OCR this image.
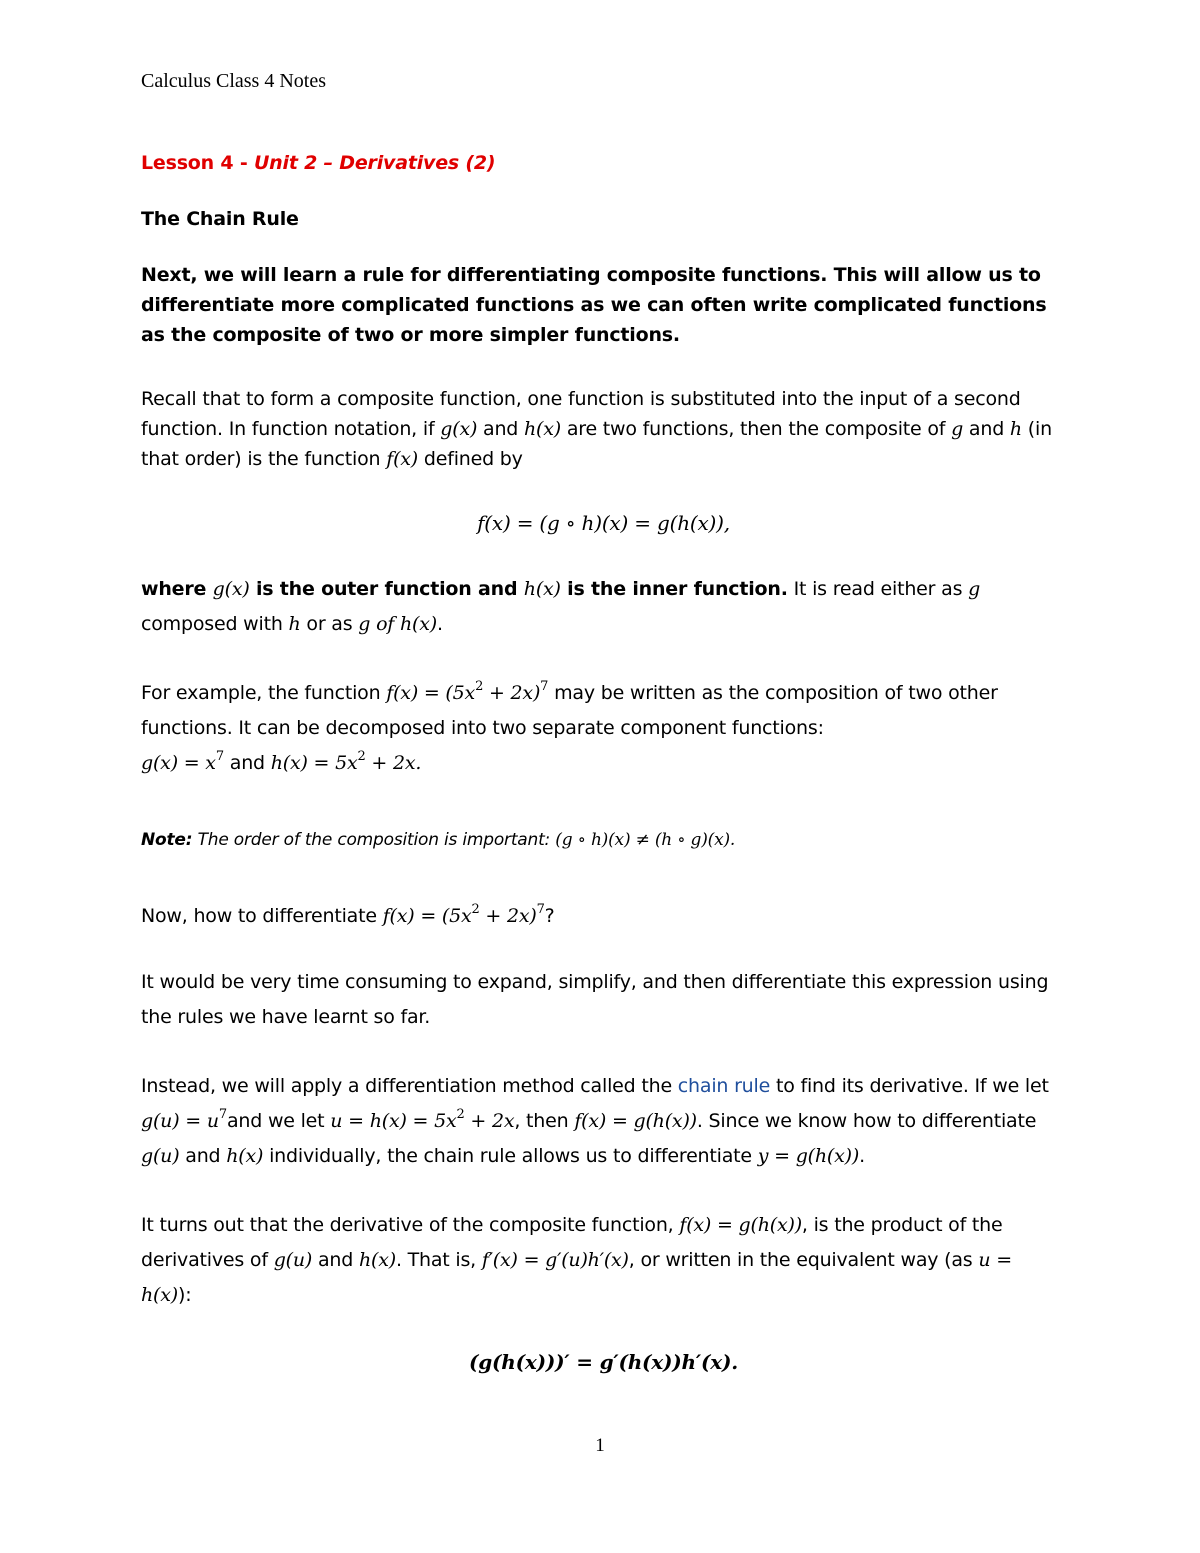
Calculus Class 4 Notes
Lesson 4 - Unit 2 – Derivatives (2)
The Chain Rule

Next, we will learn a rule for differentiating composite functions. This will allow us to differentiate more complicated functions as we can often write complicated functions as the composite of two or more simpler functions.

Recall that to form a composite function, one function is substituted into the input of a second function. In function notation, if g(x) and h(x) are two functions, then the composite of g and h (in that order) is the function f(x) defined by

f(x) = (g ∘ h)(x) = g(h(x)),

where g(x) is the outer function and h(x) is the inner function. It is read either as g composed with h or as g of h(x).

For example, the function $f(x) = (5x^2 + 2x)^7$ may be written as the composition of two other functions. It can be decomposed into two separate component functions:
$g(x) = x^7$ and $h(x) = 5x^2 + 2x$.

Note: The order of the composition is important: (g ∘ h)(x) ≠ (h ∘ g)(x).

Now, how to differentiate $f(x) = (5x^2 + 2x)^7$?

It would be very time consuming to expand, simplify, and then differentiate this expression using the rules we have learnt so far.

Instead, we will apply a differentiation method called the chain rule to find its derivative. If we let $g(u) = u^7and$ we let $u = h(x) = 5x^2 + 2x$, then f(x) = g(h(x)). Since we know how to differentiate g(u) and h(x) individually, the chain rule allows us to differentiate y = g(h(x)).

It turns out that the derivative of the composite function, f(x) = g(h(x)), is the product of the derivatives of g(u) and h(x). That is, f′(x) = g′(u)h′(x), or written in the equivalent way (as u = h(x)):

(g(h(x)))′ = g′(h(x))h′(x).
1
